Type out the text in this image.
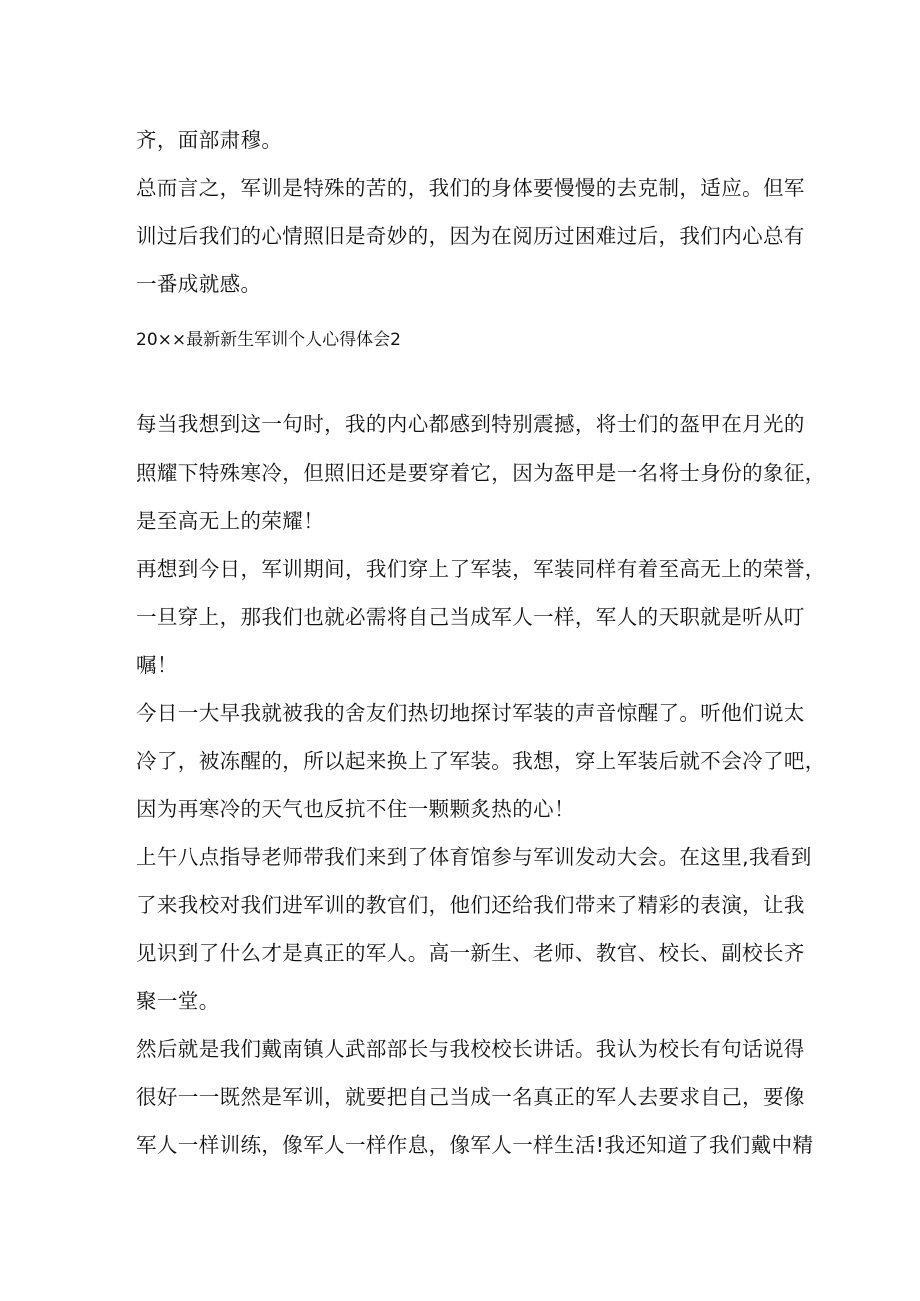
齐，面部肃穆。
总而言之，军训是特殊的苦的，我们的身体要慢慢的去克制，适应。但军
训过后我们的心情照旧是奇妙的，因为在阅历过困难过后，我们内心总有
一番成就感。
20××最新新生军训个人心得体会2
每当我想到这一句时，我的内心都感到特别震撼，将士们的盔甲在月光的
照耀下特殊寒冷，但照旧还是要穿着它，因为盔甲是一名将士身份的象征，
是至高无上的荣耀！
再想到今日，军训期间，我们穿上了军装，军装同样有着至高无上的荣誉，
一旦穿上，那我们也就必需将自己当成军人一样，军人的天职就是听从叮
嘱！
今日一大早我就被我的舍友们热切地探讨军装的声音惊醒了。听他们说太
冷了，被冻醒的，所以起来换上了军装。我想，穿上军装后就不会冷了吧，
因为再寒冷的天气也反抗不住一颗颗炙热的心！
上午八点指导老师带我们来到了体育馆参与军训发动大会。在这里,我看到
了来我校对我们进军训的教官们，他们还给我们带来了精彩的表演，让我
见识到了什么才是真正的军人。高一新生、老师、教官、校长、副校长齐
聚一堂。
然后就是我们戴南镇人武部部长与我校校长讲话。我认为校长有句话说得
很好一一既然是军训，就要把自己当成一名真正的军人去要求自己，要像
军人一样训练，像军人一样作息，像军人一样生活!我还知道了我们戴中精
